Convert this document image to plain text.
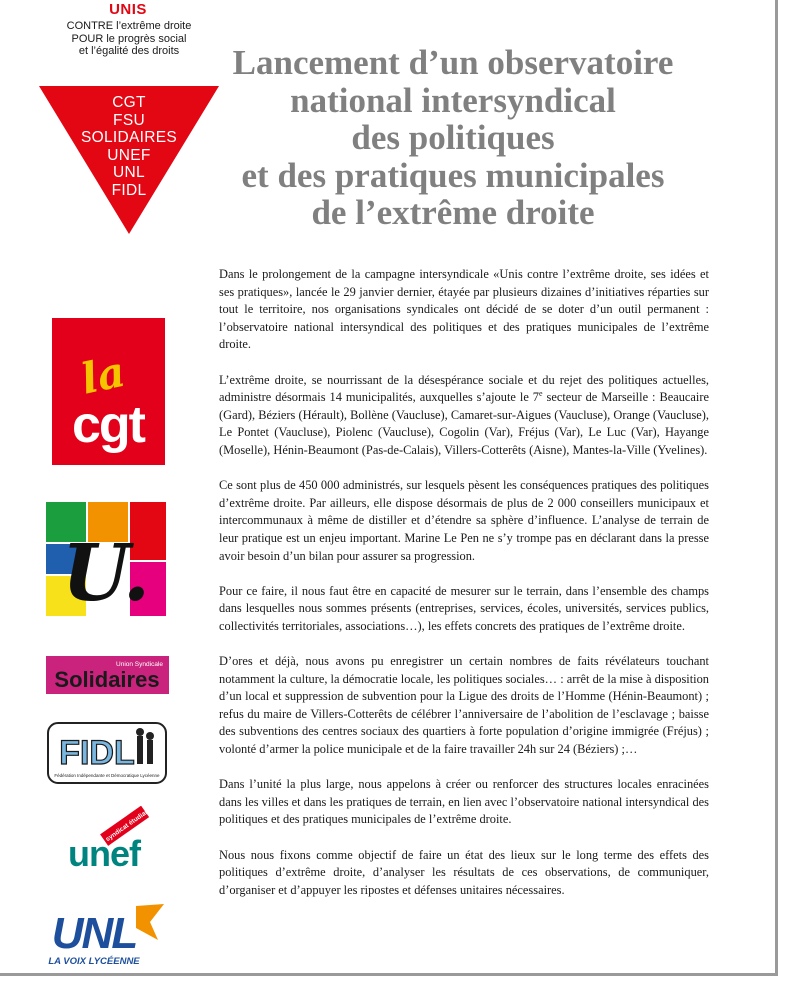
UNIS
CONTRE l’extrême droite
POUR le progrès social
et l’égalité des droits
CGT
FSU
SOLIDAIRES
UNEF
UNL
FIDL
Lancement d’un observatoire
national intersyndical
des politiques
et des pratiques municipales
de l’extrême droite

Dans le prolongement de la campagne intersyndicale «Unis contre l’extrême droite, ses idées et ses pratiques», lancée le 29 janvier dernier, étayée par plusieurs dizaines d’initiatives réparties sur tout le territoire, nos organisations syndicales ont décidé de se doter d’un outil permanent : l’observatoire national intersyndical des politiques et des pratiques municipales de l’extrême droite.

L’extrême droite, se nourrissant de la désespérance sociale et du rejet des politiques actuelles, administre désormais 14 municipalités, auxquelles s’ajoute le 7e secteur de Marseille : Beaucaire (Gard), Béziers (Hérault), Bollène (Vaucluse), Camaret-sur-Aigues (Vaucluse), Orange (Vaucluse), Le Pontet (Vaucluse), Piolenc (Vaucluse), Cogolin (Var), Fréjus (Var), Le Luc (Var), Hayange (Moselle), Hénin-Beaumont (Pas-de-Calais), Villers-Cotterêts (Aisne), Mantes-la-Ville (Yvelines).

Ce sont plus de 450 000 administrés, sur lesquels pèsent les conséquences pratiques des politiques d’extrême droite. Par ailleurs, elle dispose désormais de plus de 2 000 conseillers municipaux et intercommunaux à même de distiller et d’étendre sa sphère d’influence. L’analyse de terrain de leur pratique est un enjeu important. Marine Le Pen ne s’y trompe pas en déclarant dans la presse avoir besoin d’un bilan pour assurer sa progression.

Pour ce faire, il nous faut être en capacité de mesurer sur le terrain, dans l’ensemble des champs dans lesquelles nous sommes présents (entreprises, services, écoles, universités, services publics, collectivités territoriales, associations…), les effets concrets des pratiques de l’extrême droite.

D’ores et déjà, nous avons pu enregistrer un certain nombres de faits révélateurs touchant notamment la culture, la démocratie locale, les politiques sociales… : arrêt de la mise à disposition d’un local et suppression de subvention pour la Ligue des droits de l’Homme (Hénin-Beaumont) ; refus du maire de Villers-Cotterêts de célébrer l’anniversaire de l’abolition de l’esclavage ; baisse des subventions des centres sociaux des quartiers à forte population d’origine immigrée (Fréjus) ; volonté d’armer la police municipale et de la faire travailler 24h sur 24 (Béziers) ;…

Dans l’unité la plus large, nous appelons à créer ou renforcer des structures locales enracinées dans les villes et dans les pratiques de terrain, en lien avec l’observatoire national intersyndical des politiques et des pratiques municipales de l’extrême droite.

Nous nous fixons comme objectif de faire un état des lieux sur le long terme des effets des politiques d’extrême droite, d’analyser les résultats de ces observations, de communiquer, d’organiser et d’appuyer les ripostes et défenses unitaires nécessaires.

la
cgt
U.
Union Syndicale
Solidaires
FIDL
Fédération Indépendante et Démocratique Lycéenne
le syndicat étudiant
unef
UNL
LA VOIX LYCÉENNE
